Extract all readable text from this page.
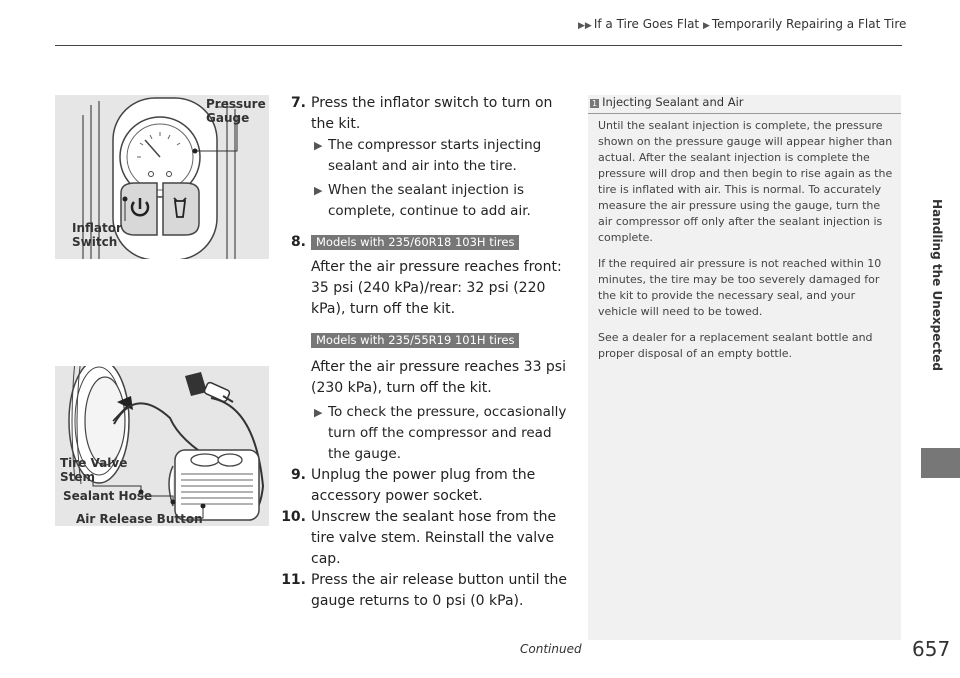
▶▶ If a Tire Goes Flat ▶ Temporarily Repairing a Flat Tire
Pressure
Gauge
Inflator
Switch
Tire Valve
Stem
Sealant Hose
Air Release Button
7. Press the inflator switch to turn on the kit.
▶ The compressor starts injecting sealant and air into the tire.
▶ When the sealant injection is complete, continue to add air.
8. Models with 235/60R18 103H tires
After the air pressure reaches front: 35 psi (240 kPa)/rear: 32 psi (220 kPa), turn off the kit.
Models with 235/55R19 101H tires
After the air pressure reaches 33 psi (230 kPa), turn off the kit.
▶ To check the pressure, occasionally turn off the compressor and read the gauge.
9. Unplug the power plug from the accessory power socket.
10. Unscrew the sealant hose from the tire valve stem. Reinstall the valve cap.
11. Press the air release button until the gauge returns to 0 psi (0 kPa).
1 Injecting Sealant and Air

Until the sealant injection is complete, the pressure shown on the pressure gauge will appear higher than actual. After the sealant injection is complete the pressure will drop and then begin to rise again as the tire is inflated with air. This is normal. To accurately measure the air pressure using the gauge, turn the air compressor off only after the sealant injection is complete.

If the required air pressure is not reached within 10 minutes, the tire may be too severely damaged for the kit to provide the necessary seal, and your vehicle will need to be towed.

See a dealer for a replacement sealant bottle and proper disposal of an empty bottle.	Handling the Unexpected
Continued	657
